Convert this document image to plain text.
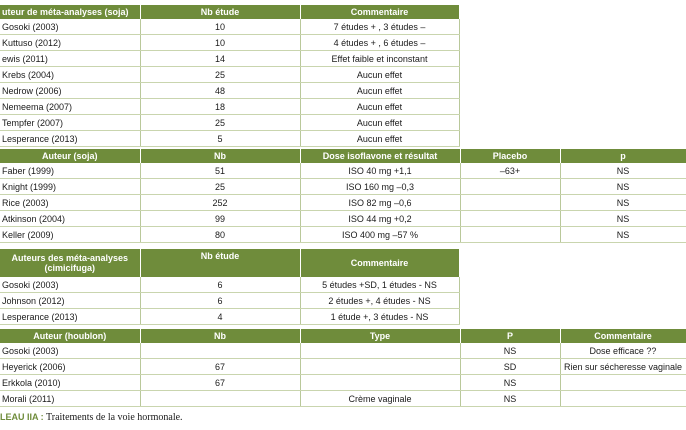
uteur de méta-analyses (soja)	Nb étude	Commentaire
Gosoki (2003)	10	7 études + , 3 études –
Kuttuso (2012)	10	4 études + , 6 études –
ewis (2011)	14	Effet faible et inconstant
Krebs (2004)	25	Aucun effet
Nedrow (2006)	48	Aucun effet
Nemeema (2007)	18	Aucun effet
Tempfer (2007)	25	Aucun effet
Lesperance (2013)	5	Aucun effet
Auteur (soja)	Nb	Dose isoflavone et résultat	Placebo	p
Faber (1999)	51	ISO 40 mg +1,1	–63+	NS
Knight (1999)	25	ISO 160 mg –0,3		NS
Rice (2003)	252	ISO 82 mg –0,6		NS
Atkinson (2004)	99	ISO 44 mg +0,2		NS
Keller (2009)	80	ISO 400 mg –57 %		NS
Auteurs des méta-analyses (cimicifuga)	Nb étude	Commentaire
Gosoki (2003)	6	5 études +SD, 1 études - NS
Johnson (2012)	6	2 études +, 4 études - NS
Lesperance (2013)	4	1 étude +, 3 études - NS
Auteur (houblon)	Nb	Type	P	Commentaire
Gosoki (2003)			NS	Dose efficace ??
Heyerick (2006)	67		SD	Rien sur sécheresse vaginale
Erkkola (2010)	67		NS	
Morali (2011)		Crème vaginale	NS	
LEAU IIA : Traitements de la voie hormonale.
